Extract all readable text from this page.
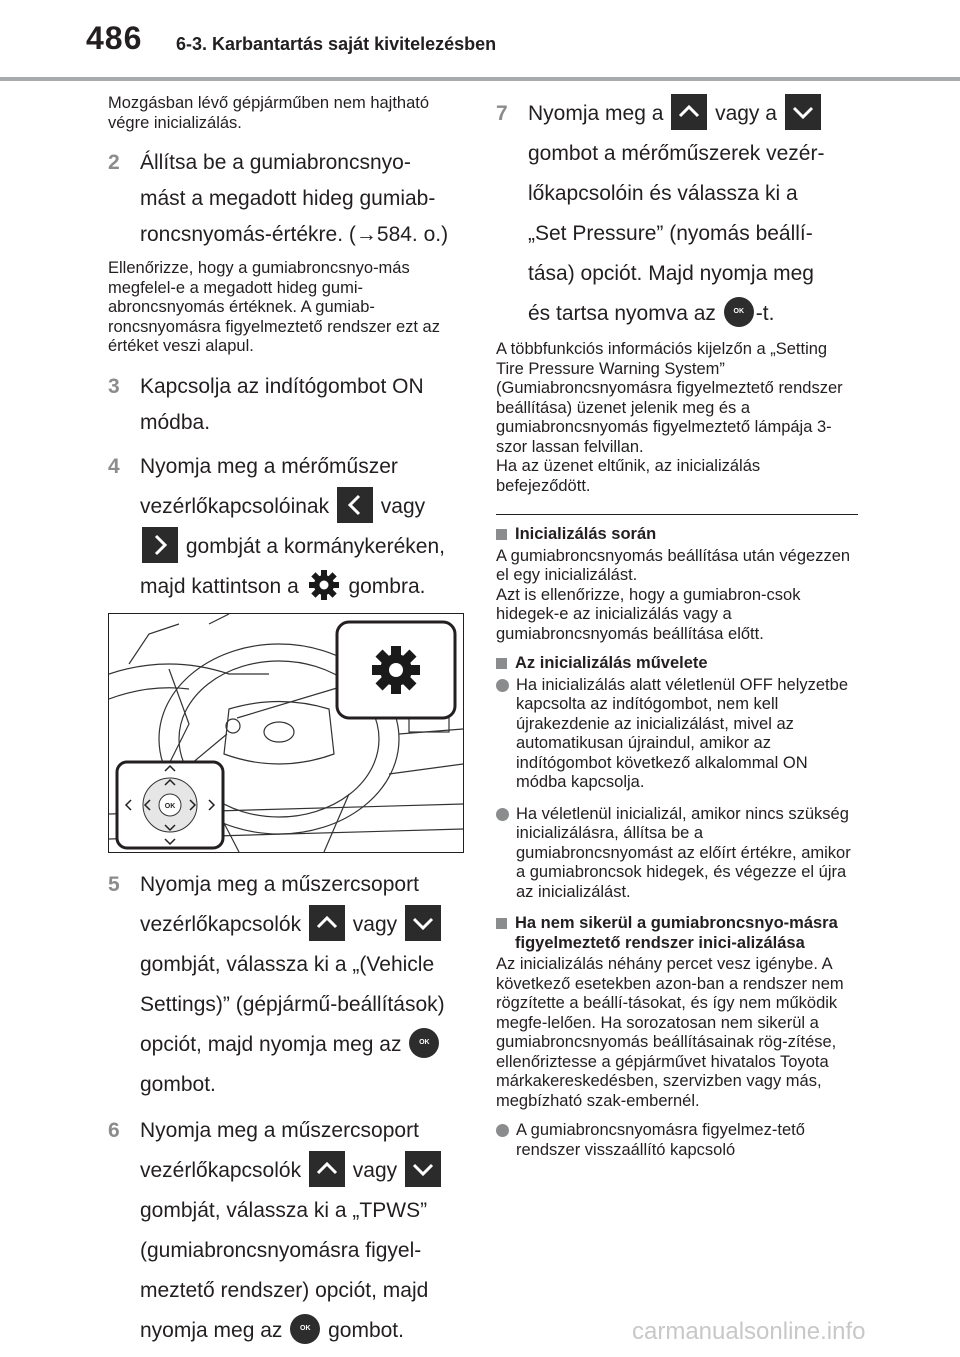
486 6-3. Karbantartás saját kivitelezésben

Mozgásban lévő gépjárműben nem hajtható végre inicializálás.

2 Állítsa be a gumiabroncsnyo-
mást a megadott hideg gumiab-
roncsnyomás-értékre. (→584. o.)

Ellenőrizze, hogy a gumiabroncsnyo-más megfelel-e a megadott hideg gumi-abroncsnyomás értéknek. A gumiab-roncsnyomásra figyelmeztető rendszer ezt az értéket veszi alapul.

3 Kapcsolja az indítógombot ON
módba.
4 Nyomja meg a mérőműszer
vezérlőkapcsolóinak vagy
gombját a kormánykeréken,
majd kattintson a gombra.
OK
5 Nyomja meg a műszercsoport
vezérlőkapcsolók vagy
gombját, válassza ki a „(Vehicle
Settings)” (gépjármű-beállítások)
opciót, majd nyomja meg az	OK
gombot.
6 Nyomja meg a műszercsoport
vezérlőkapcsolók vagy
gombját, válassza ki a „TPWS”
(gumiabroncsnyomásra figyel-
meztető rendszer) opciót, majd
nyomja meg az	OK gombot.
7 Nyomja meg a vagy a
gombot a mérőműszerek vezér-
lőkapcsolóin és válassza ki a
„Set Pressure” (nyomás beállí-
tása) opciót. Majd nyomja meg
és tartsa nyomva az	OK -t.

A többfunkciós információs kijelzőn a „Setting Tire Pressure Warning System” (Gumiabroncsnyomásra figyelmeztető rendszer beállítása) üzenet jelenik meg és a gumiabroncsnyomás figyelmeztető lámpája 3-szor lassan felvillan.

Ha az üzenet eltűnik, az inicializálás befejeződött.

Inicializálás során

A gumiabroncsnyomás beállítása után végezzen el egy inicializálást.

Azt is ellenőrizze, hogy a gumiabron-csok hidegek-e az inicializálás vagy a gumiabroncsnyomás beállítása előtt.

Az inicializálás művelete
Ha inicializálás alatt véletlenül OFF helyzetbe kapcsolta az indítógombot, nem kell újrakezdenie az inicializálást, mivel az automatikusan újraindul, amikor az indítógombot következő alkalommal ON módba kapcsolja.
Ha véletlenül inicializál, amikor nincs szükség inicializálásra, állítsa be a gumiabroncsnyomást az előírt értékre, amikor a gumiabroncsok hidegek, és végezze el újra az inicializálást.
Ha nem sikerül a gumiabroncsnyo-másra figyelmeztető rendszer inici-alizálása

Az inicializálás néhány percet vesz igénybe. A következő esetekben azon-ban a rendszer nem rögzítette a beállí-tásokat, és így nem működik megfe-lelően. Ha sorozatosan nem sikerül a gumiabroncsnyomás beállításainak rög-zítése, ellenőriztesse a gépjárművet hivatalos Toyota márkakereskedésben, szervizben vagy más, megbízható szak-embernél.

A gumiabroncsnyomásra figyelmez-tető rendszer visszaállító kapcsoló
carmanualsonline.info
